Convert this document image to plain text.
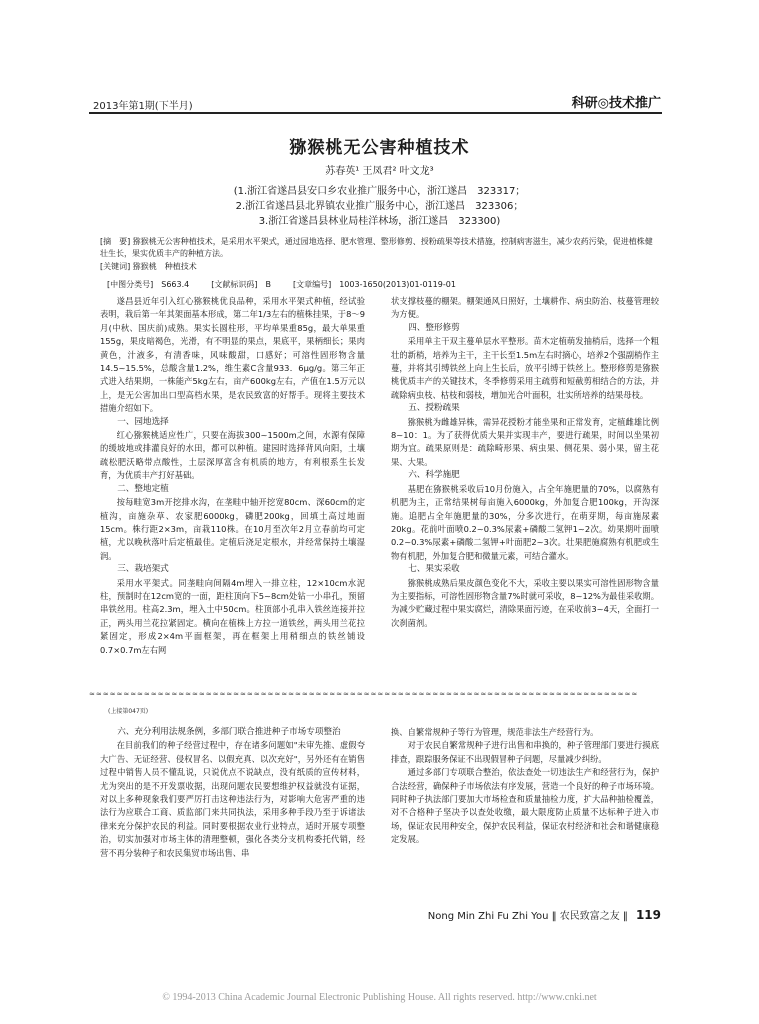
2013年第1期(下半月)	科研◎技术推广
猕猴桃无公害种植技术
苏春英¹ 王凤君² 叶文龙³
(1.浙江省遂昌县安口乡农业推广服务中心，浙江遂昌　323317；
2.浙江省遂昌县北界镇农业推广服务中心，浙江遂昌　323306；
3.浙江省遂昌县林业局桂洋林场，浙江遂昌　323300)
[摘　要] 猕猴桃无公害种植技术，是采用水平架式，通过园地选择、肥水管理、整形修剪、授粉疏果等技术措施，控制病害滋生，减少农药污染，促进植株健壮生长，果实优质丰产的种植方法。
[关键词] 猕猴桃　种植技术
[中图分类号]　S663.4	[文献标识码]　B	[文章编号]　1003-1650(2013)01-0119-01

遂昌县近年引入红心猕猴桃优良品种，采用水平架式种植，经试验表明，栽后第一年其架面基本形成，第二年1/3左右的植株挂果，于8～9月(中秋、国庆前)成熟。果实长圆柱形，平均单果重85g，最大单果重155g，果皮暗褐色，光滑，有不明显的果点，果底平，果柄细长；果肉黄色，汁液多，有清香味，风味酸甜，口感好；可溶性固形物含量14.5~15.5%，总酸含量1.2%，维生素C含量933．6μg/g。第三年正式进入结果期，一株能产5kg左右，亩产600kg左右，产值在1.5万元以上，是无公害加出口型高档水果，是农民致富的好帮手。现将主要技术措施介绍如下。

一、园地选择

红心猕猴桃适应性广，只要在海拔300~1500m之间，水源有保障的缓坡地或排灌良好的水田，都可以种植。建园时选择背风向阳，土壤疏松肥沃略带点酸性，土层深厚富含有机质的地方，有利根系生长发育，为优质丰产打好基础。

二、整地定植

按每畦宽3m开挖排水沟，在垄畦中轴开挖宽80cm、深60cm的定植沟，亩施杂草、农家肥6000kg，磷肥200kg，回填土高过地面15cm。株行距2×3m，亩栽110株。在10月至次年2月立春前均可定植，尤以晚秋落叶后定植最佳。定植后浇足定根水，并经常保持土壤湿润。

三、栽培架式

采用水平架式。同垄畦向间隔4m埋入一排立柱，12×10cm水泥柱，预制时在12cm宽的一面，距柱顶向下5~8cm处钻一小串孔，预留串铁丝用。柱高2.3m，埋入土中50cm。柱顶部小孔串入铁丝连接并拉正，两头用兰花拉紧固定。横向在植株上方拉一道铁丝，两头用兰花拉紧固定，形成2×4m平面框架，再在框架上用稍细点的铁丝铺设0.7×0.7m左右网

状支撑枝蔓的棚架。棚架通风日照好，土壤耕作、病虫防治、枝蔓管理较为方便。

四、整形修剪

采用单主干双主蔓单层水平整形。苗木定植萌发抽梢后，选择一个粗壮的新梢，培养为主干，主干长至1.5m左右时摘心，培养2个强副梢作主蔓，并将其引缚铁丝上向上生长后，放平引缚于铁丝上。整形修剪是猕猴桃优质丰产的关键技术，冬季修剪采用主疏剪和短截剪相结合的方法，并疏除病虫枝、枯枝和弱枝，增加光合叶面积，壮实所培养的结果母枝。

五、授粉疏果

猕猴桃为雌雄异株，需异花授粉才能坐果和正常发育，定植雌雄比例8~10：1。为了获得优质大果并实现丰产，要进行疏果，时间以坐果初期为宜。疏果原则是：疏除畸形果、病虫果、侧花果、弱小果，留主花果、大果。

六、科学施肥

基肥在猕猴桃采收后10月份施入，占全年施肥量的70%，以腐熟有机肥为主，正常结果树每亩施入6000kg，外加复合肥100kg，开沟深施。追肥占全年施肥量的30%，分多次进行，在萌芽期，每亩施尿素20kg。花前叶面喷0.2~0.3%尿素+磷酸二氢钾1~2次。幼果期叶面喷0.2~0.3%尿素+磷酸二氢钾+叶面肥2~3次。壮果肥施腐熟有机肥或生物有机肥，外加复合肥和微量元素，可结合灌水。

七、果实采收

猕猴桃成熟后果皮颜色变化不大，采收主要以果实可溶性固形物含量为主要指标，可溶性固形物含量7%时就可采收，8~12%为最佳采收期。为减少贮藏过程中果实腐烂，清除果面污迹，在采收前3~4天，全面打一次刹菌剂。

≈≈≈≈≈≈≈≈≈≈≈≈≈≈≈≈≈≈≈≈≈≈≈≈≈≈≈≈≈≈≈≈≈≈≈≈≈≈≈≈≈≈≈≈≈≈≈≈≈≈≈≈≈≈≈≈≈≈≈≈≈≈≈≈≈≈≈≈≈≈≈≈≈≈≈≈≈≈≈≈
(上接第047页)
六、充分利用法规条例，多部门联合推进种子市场专项整治

在目前我们的种子经营过程中，存在诸多问题如"未审先推、虚假夸大广告、无证经营、侵权冒名、以假充真、以次充好"，另外还有在销售过程中销售人员不懂乱说，只说优点不说缺点，没有纸质的宣传材料，尤为突出的是不开发票收据，出现问题农民要想维护权益就没有证据，对以上多种现象我们要严厉打击这种违法行为，对影响大危害严重的违法行为应联合工商、质监部门来共同执法，采用多种手段乃至于诉诸法律来充分保护农民的利益。同时要根据农业行业特点，适时开展专项整治，切实加强对市场主体的清理整顿，强化各类分支机构委托代销，经营不再分装种子和农民集贸市场出售、串

换、自繁常规种子等行为管理，规范非法生产经营行为。

对于农民自繁常规种子进行出售和串换的，种子管理部门要进行摸底排查，跟踪服务保证不出现假冒种子问题，尽量减少纠纷。

通过多部门专项联合整治，依法查处一切违法生产和经营行为，保护合法经营，确保种子市场依法有序发展，营造一个良好的种子市场环境。同时种子执法部门要加大市场检查和质量抽检力度，扩大品种抽检覆盖，对不合格种子坚决予以查处收缴，最大限度防止质量不达标种子进入市场，保证农民用种安全，保护农民利益，保证农村经济和社会和谐健康稳定发展。

Nong Min Zhi Fu Zhi You ‖ 农民致富之友 ‖ 119
© 1994-2013 China Academic Journal Electronic Publishing House. All rights reserved. http://www.cnki.net
